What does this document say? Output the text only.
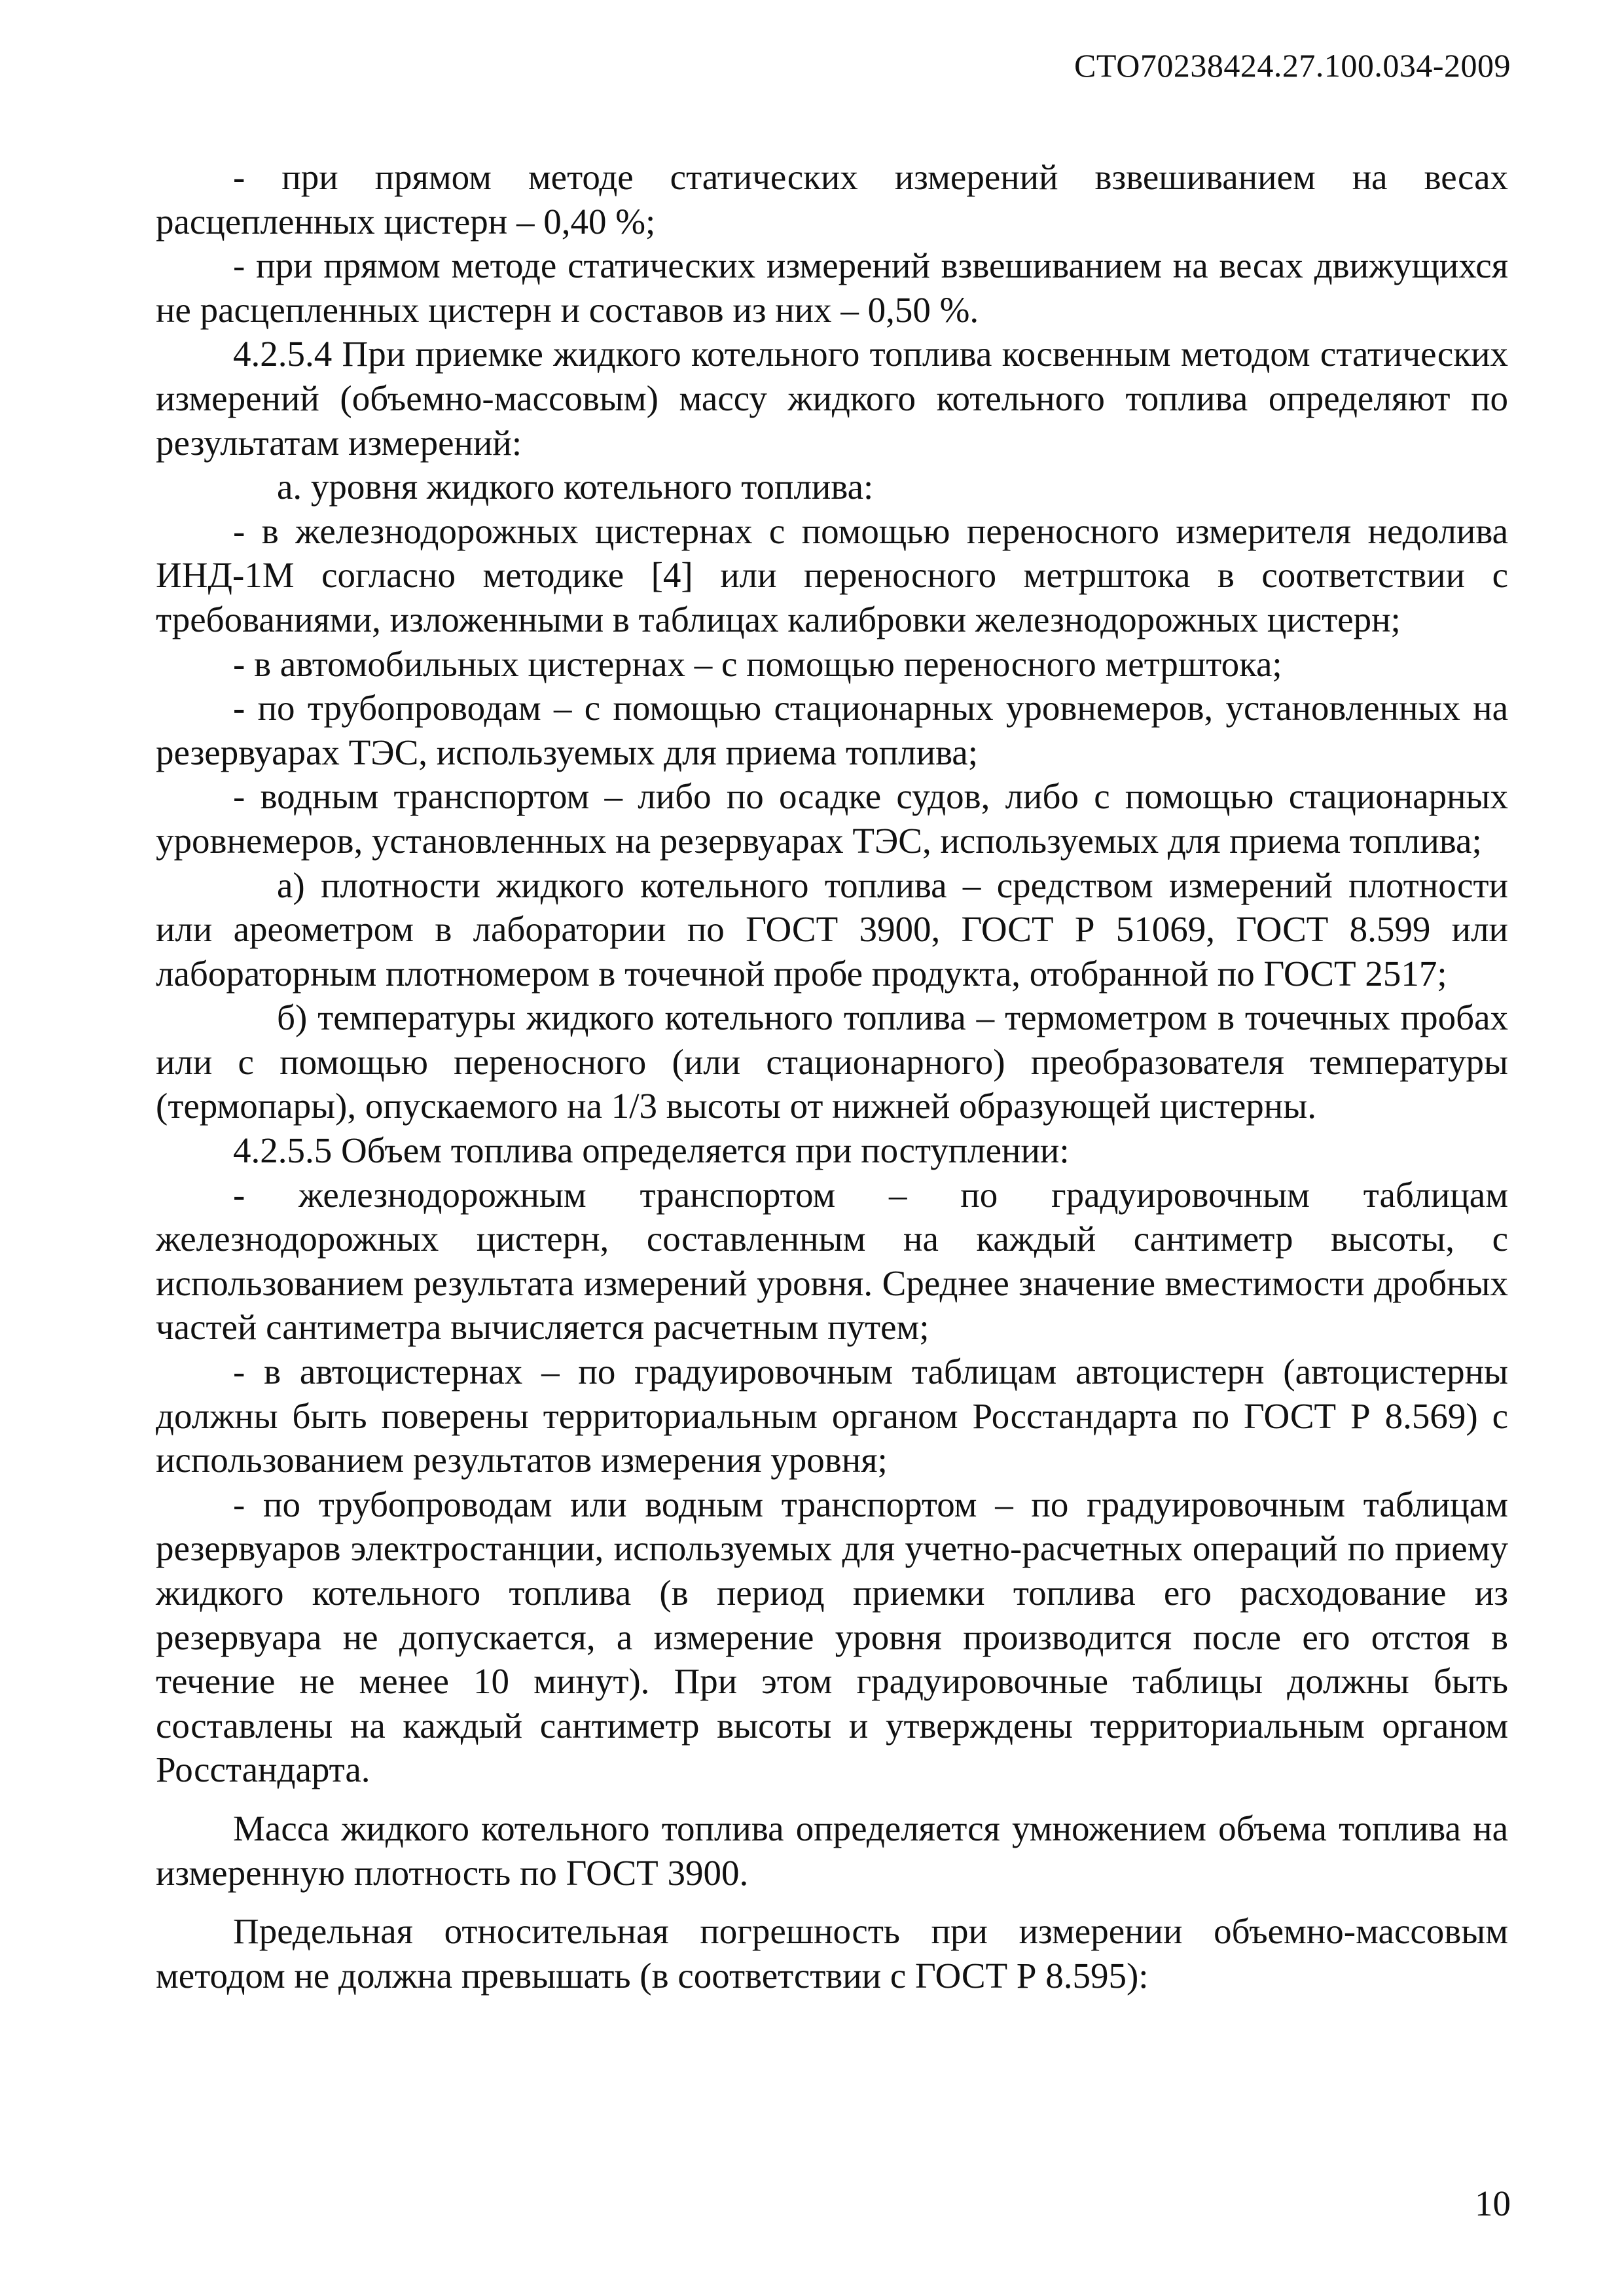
СТО70238424.27.100.034-2009

- при прямом методе статических измерений взвешиванием на весах расцепленных цистерн – 0,40 %;

- при прямом методе статических измерений взвешиванием на весах движущихся не расцепленных цистерн и составов из них – 0,50 %.

4.2.5.4 При приемке жидкого котельного топлива косвенным методом статических измерений (объемно-массовым) массу жидкого котельного топлива определяют по результатам измерений:

а. уровня жидкого котельного топлива:

- в железнодорожных цистернах с помощью переносного измерителя недолива ИНД-1М согласно методике [4] или переносного метрштока в соответствии с требованиями, изложенными в таблицах калибровки железнодорожных цистерн;

- в автомобильных цистернах – с помощью переносного метрштока;

- по трубопроводам – с помощью стационарных уровнемеров, установленных на резервуарах ТЭС, используемых для приема топлива;

- водным транспортом – либо по осадке судов, либо с помощью стационарных уровнемеров, установленных на резервуарах ТЭС, используемых для приема топлива;

а) плотности жидкого котельного топлива – средством измерений плотности или ареометром в лаборатории по ГОСТ 3900, ГОСТ Р 51069, ГОСТ 8.599 или лабораторным плотномером в точечной пробе продукта, отобранной по ГОСТ 2517;

б) температуры жидкого котельного топлива – термометром в точечных пробах или с помощью переносного (или стационарного) преобразователя температуры (термопары), опускаемого на 1/3 высоты от нижней образующей цистерны.

4.2.5.5 Объем топлива определяется при поступлении:

- железнодорожным транспортом – по градуировочным таблицам железнодорожных цистерн, составленным на каждый сантиметр высоты, с использованием результата измерений уровня. Среднее значение вместимости дробных частей сантиметра вычисляется расчетным путем;

- в автоцистернах – по градуировочным таблицам автоцистерн (автоцистерны должны быть поверены территориальным органом Росстандарта по ГОСТ Р 8.569) с использованием результатов измерения уровня;

- по трубопроводам или водным транспортом – по градуировочным таблицам резервуаров электростанции, используемых для учетно-расчетных операций по приему жидкого котельного топлива (в период приемки топлива его расходование из резервуара не допускается, а измерение уровня производится после его отстоя в течение не менее 10 минут). При этом градуировочные таблицы должны быть составлены на каждый сантиметр высоты и утверждены территориальным органом Росстандарта.

Масса жидкого котельного топлива определяется умножением объема топлива на измеренную плотность по ГОСТ 3900.

Предельная относительная погрешность при измерении объемно-массовым методом не должна превышать (в соответствии с ГОСТ Р 8.595):

10
